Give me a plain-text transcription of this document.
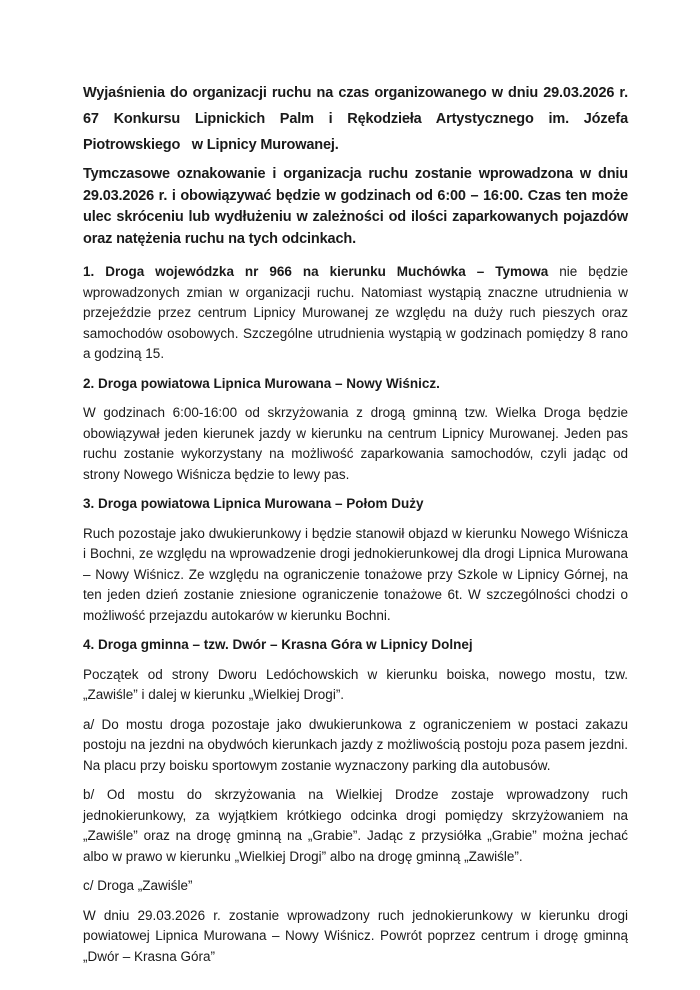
Wyjaśnienia do organizacji ruchu na czas organizowanego w dniu 29.03.2026 r. 67 Konkursu Lipnickich Palm i Rękodzieła Artystycznego im. Józefa Piotrowskiego   w Lipnicy Murowanej.

Tymczasowe oznakowanie i organizacja ruchu zostanie wprowadzona w dniu 29.03.2026 r. i obowiązywać będzie w godzinach od 6:00 – 16:00. Czas ten może ulec skróceniu lub wydłużeniu w zależności od ilości zaparkowanych pojazdów oraz natężenia ruchu na tych odcinkach.

1. Droga wojewódzka nr 966 na kierunku Muchówka – Tymowa nie będzie wprowadzonych zmian w organizacji ruchu. Natomiast wystąpią znaczne utrudnienia w przejeździe przez centrum Lipnicy Murowanej ze względu na duży ruch pieszych oraz samochodów osobowych. Szczególne utrudnienia wystąpią w godzinach pomiędzy 8 rano a godziną 15.

2. Droga powiatowa Lipnica Murowana – Nowy Wiśnicz.

W godzinach 6:00-16:00 od skrzyżowania z drogą gminną tzw. Wielka Droga będzie obowiązywał jeden kierunek jazdy w kierunku na centrum Lipnicy Murowanej. Jeden pas ruchu zostanie wykorzystany na możliwość zaparkowania samochodów, czyli jadąc od strony Nowego Wiśnicza będzie to lewy pas.

3. Droga powiatowa Lipnica Murowana – Połom Duży

Ruch pozostaje jako dwukierunkowy i będzie stanowił objazd w kierunku Nowego Wiśnicza i Bochni, ze względu na wprowadzenie drogi jednokierunkowej dla drogi Lipnica Murowana – Nowy Wiśnicz. Ze względu na ograniczenie tonażowe przy Szkole w Lipnicy Górnej, na ten jeden dzień zostanie zniesione ograniczenie tonażowe 6t. W szczególności chodzi o możliwość przejazdu autokarów w kierunku Bochni.

4. Droga gminna – tzw. Dwór – Krasna Góra w Lipnicy Dolnej

Początek od strony Dworu Ledóchowskich w kierunku boiska, nowego mostu, tzw. „Zawiśle” i dalej w kierunku „Wielkiej Drogi”.

a/ Do mostu droga pozostaje jako dwukierunkowa z ograniczeniem w postaci zakazu postoju na jezdni na obydwóch kierunkach jazdy z możliwością postoju poza pasem jezdni. Na placu przy boisku sportowym zostanie wyznaczony parking dla autobusów.

b/ Od mostu do skrzyżowania na Wielkiej Drodze zostaje wprowadzony ruch jednokierunkowy, za wyjątkiem krótkiego odcinka drogi pomiędzy skrzyżowaniem na „Zawiśle” oraz na drogę gminną na „Grabie”. Jadąc z przysiółka „Grabie” można jechać albo w prawo w kierunku „Wielkiej Drogi” albo na drogę gminną „Zawiśle”.

c/ Droga „Zawiśle”

W dniu 29.03.2026 r. zostanie wprowadzony ruch jednokierunkowy w kierunku drogi powiatowej Lipnica Murowana – Nowy Wiśnicz. Powrót poprzez centrum i drogę gminną „Dwór – Krasna Góra”
